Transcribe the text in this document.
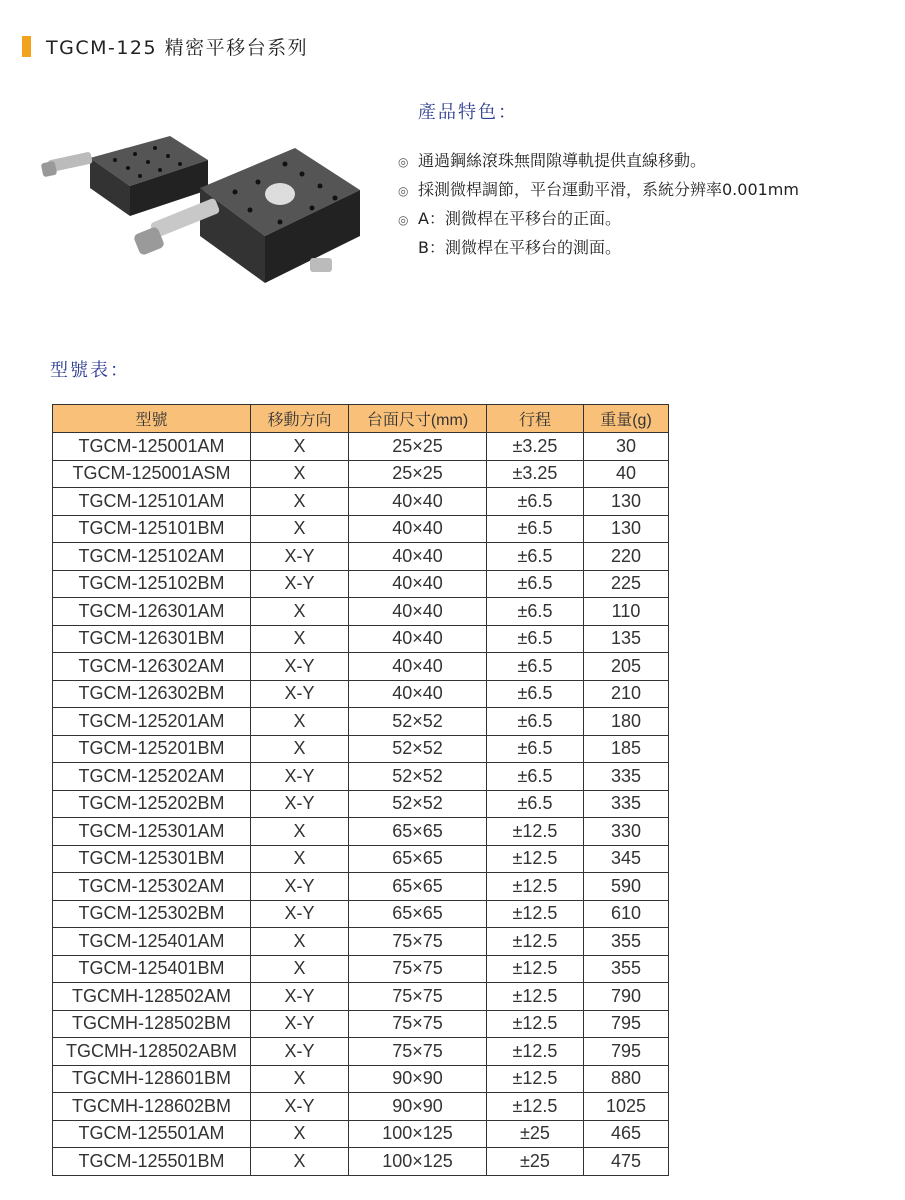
TGCM-125 精密平移台系列
產品特色：
◎ 通過鋼絲滾珠無間隙導軌提供直線移動。
◎ 採測微桿調節，平台運動平滑，系統分辨率0.001mm
◎ A：測微桿在平移台的正面。
B：測微桿在平移台的測面。
型號表：
型號	移動方向	台面尺寸(mm)	行程	重量(g)
TGCM-125001AM	X	25×25	±3.25	30
TGCM-125001ASM	X	25×25	±3.25	40
TGCM-125101AM	X	40×40	±6.5	130
TGCM-125101BM	X	40×40	±6.5	130
TGCM-125102AM	X-Y	40×40	±6.5	220
TGCM-125102BM	X-Y	40×40	±6.5	225
TGCM-126301AM	X	40×40	±6.5	110
TGCM-126301BM	X	40×40	±6.5	135
TGCM-126302AM	X-Y	40×40	±6.5	205
TGCM-126302BM	X-Y	40×40	±6.5	210
TGCM-125201AM	X	52×52	±6.5	180
TGCM-125201BM	X	52×52	±6.5	185
TGCM-125202AM	X-Y	52×52	±6.5	335
TGCM-125202BM	X-Y	52×52	±6.5	335
TGCM-125301AM	X	65×65	±12.5	330
TGCM-125301BM	X	65×65	±12.5	345
TGCM-125302AM	X-Y	65×65	±12.5	590
TGCM-125302BM	X-Y	65×65	±12.5	610
TGCM-125401AM	X	75×75	±12.5	355
TGCM-125401BM	X	75×75	±12.5	355
TGCMH-128502AM	X-Y	75×75	±12.5	790
TGCMH-128502BM	X-Y	75×75	±12.5	795
TGCMH-128502ABM	X-Y	75×75	±12.5	795
TGCMH-128601BM	X	90×90	±12.5	880
TGCMH-128602BM	X-Y	90×90	±12.5	1025
TGCM-125501AM	X	100×125	±25	465
TGCM-125501BM	X	100×125	±25	475
